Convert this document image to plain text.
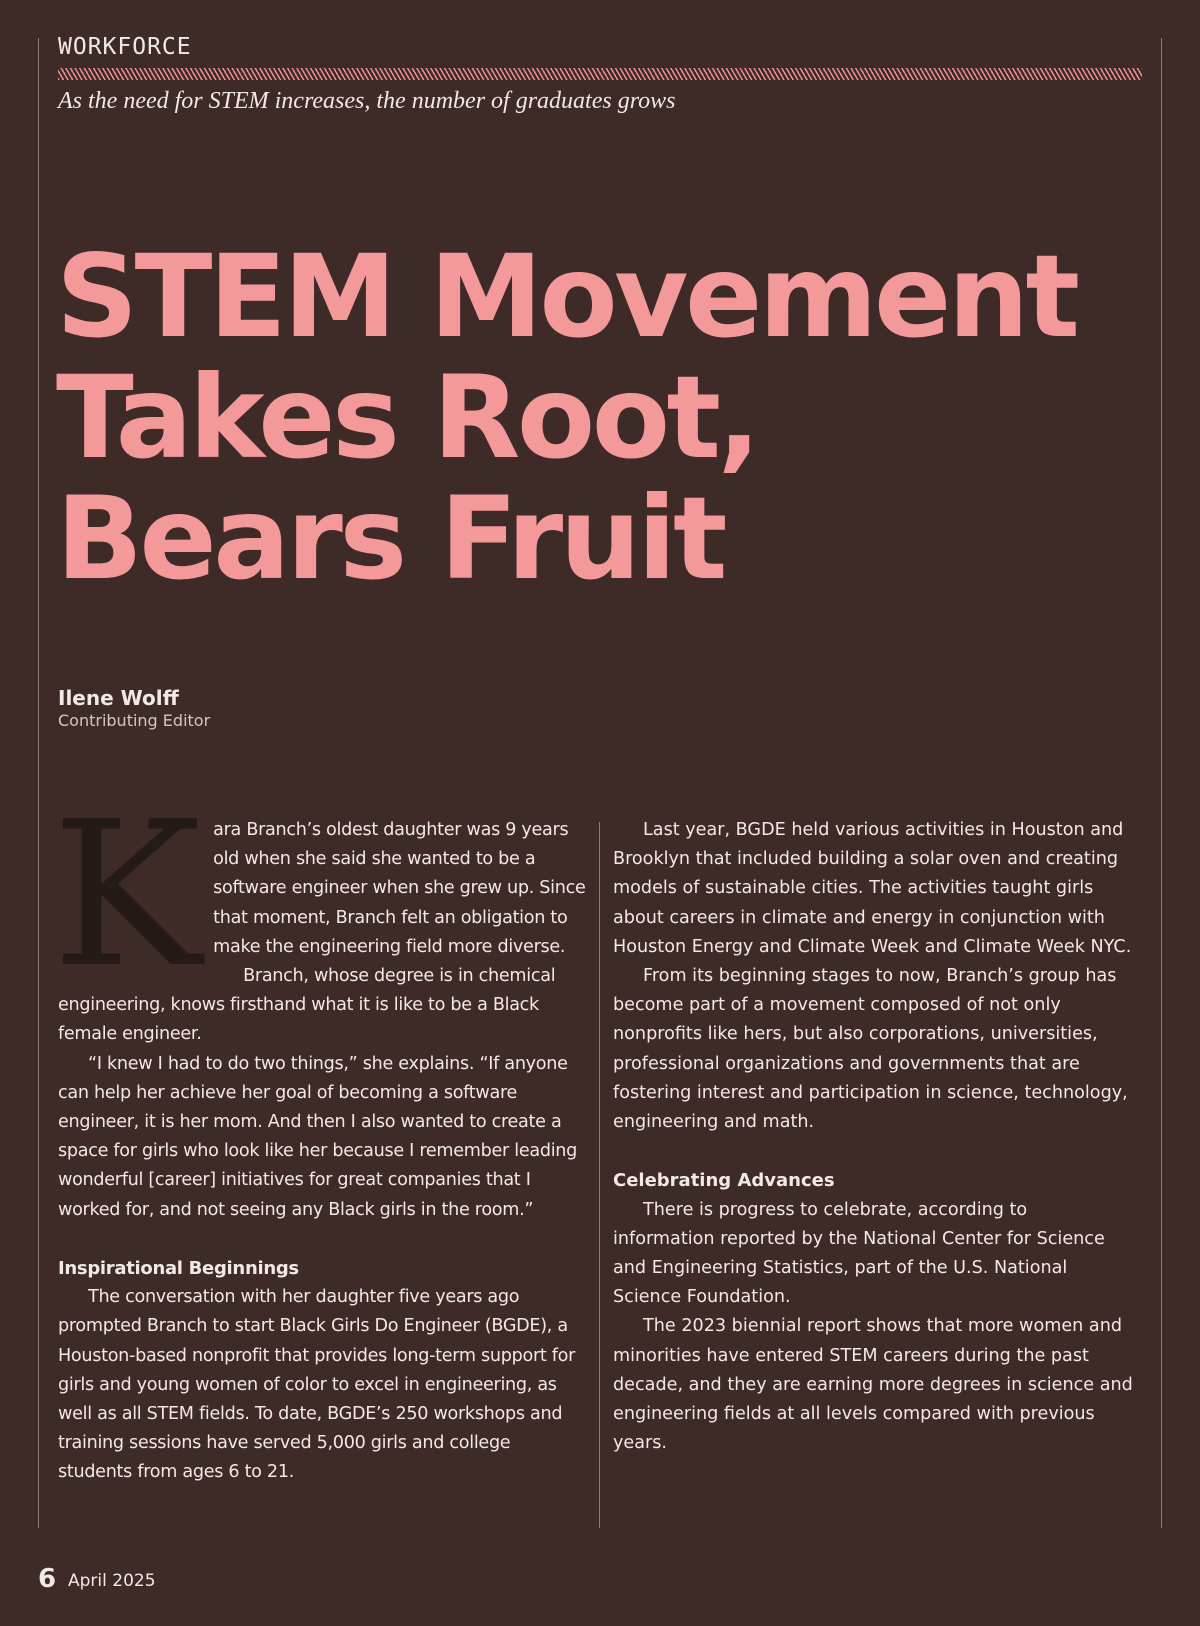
WORKFORCE
As the need for STEM increases, the number of graduates grows
STEM Movement
Takes Root,
Bears Fruit
Ilene Wolff
Contributing Editor
K ara Branch’s oldest daughter was 9 years old when she said she wanted to be a software engineer when she grew up. Since that moment, Branch felt an obligation to make the engineering field more diverse.

Branch, whose degree is in chemical engineering, knows firsthand what it is like to be a Black female engineer.

“I knew I had to do two things,” she explains. “If anyone can help her achieve her goal of becoming a software engineer, it is her mom. And then I also wanted to create a space for girls who look like her because I remember leading wonderful [career] initiatives for great companies that I worked for, and not seeing any Black girls in the room.”

Inspirational Beginnings

The conversation with her daughter five years ago prompted Branch to start Black Girls Do Engineer (BGDE), a Houston-based nonprofit that provides long-term support for girls and young women of color to excel in engineering, as well as all STEM fields. To date, BGDE’s 250 workshops and training sessions have served 5,000 girls and college students from ages 6 to 21.

Last year, BGDE held various activities in Houston and Brooklyn that included building a solar oven and creating models of sustainable cities. The activities taught girls about careers in climate and energy in conjunction with Houston Energy and Climate Week and Climate Week NYC.

From its beginning stages to now, Branch’s group has become part of a movement composed of not only nonprofits like hers, but also corporations, universities, professional organizations and governments that are fostering interest and participation in science, technology, engineering and math.

Celebrating Advances

There is progress to celebrate, according to information reported by the National Center for Science and Engineering Statistics, part of the U.S. National Science Foundation.

The 2023 biennial report shows that more women and minorities have entered STEM careers during the past decade, and they are earning more degrees in science and engineering fields at all levels compared with previous years.

6 April 2025
